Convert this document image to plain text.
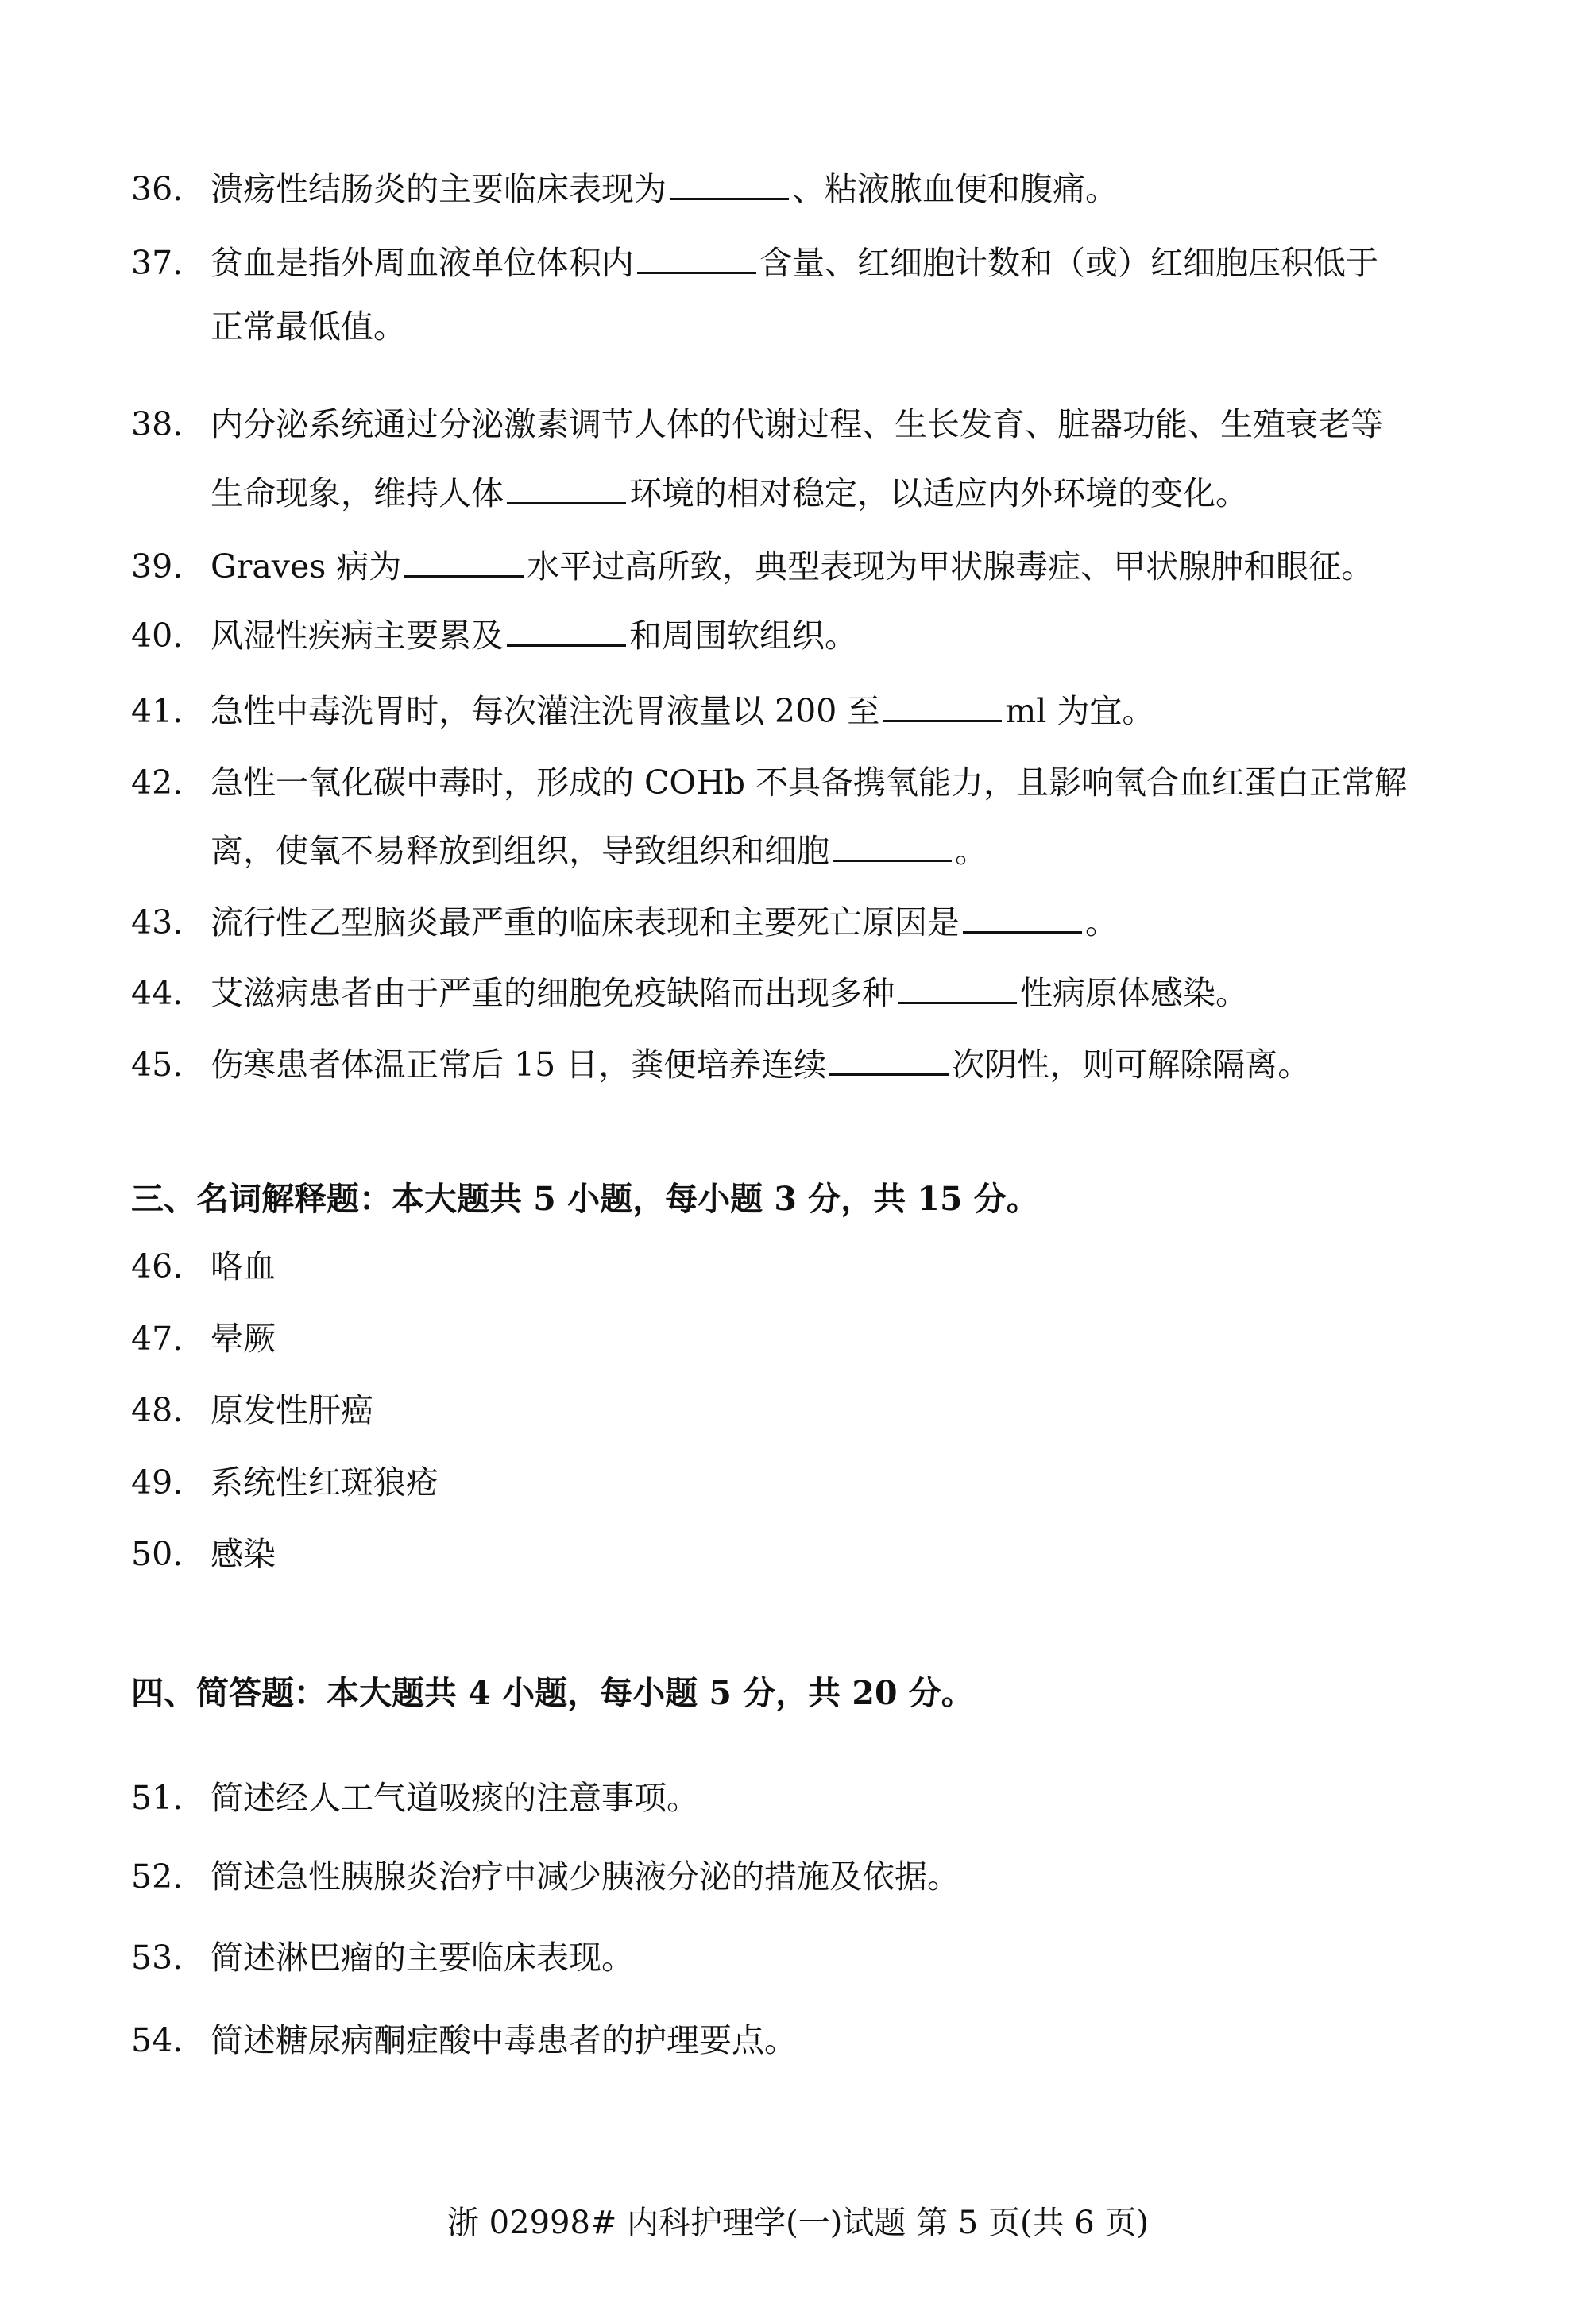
36. 溃疡性结肠炎的主要临床表现为	、粘液脓血便和腹痛。
37. 贫血是指外周血液单位体积内	含量、红细胞计数和（或）红细胞压积低于
正常最低值。
38. 内分泌系统通过分泌激素调节人体的代谢过程、生长发育、脏器功能、生殖衰老等
生命现象，维持人体	环境的相对稳定，以适应内外环境的变化。
39. Graves 病为	水平过高所致，典型表现为甲状腺毒症、甲状腺肿和眼征。
40. 风湿性疾病主要累及	和周围软组织。
41. 急性中毒洗胃时，每次灌注洗胃液量以 200 至	ml 为宜。
42. 急性一氧化碳中毒时，形成的 COHb 不具备携氧能力，且影响氧合血红蛋白正常解
离，使氧不易释放到组织，导致组织和细胞	。
43. 流行性乙型脑炎最严重的临床表现和主要死亡原因是	。
44. 艾滋病患者由于严重的细胞免疫缺陷而出现多种	性病原体感染。
45. 伤寒患者体温正常后 15 日，粪便培养连续	次阴性，则可解除隔离。
三、名词解释题：本大题共 5 小题，每小题 3 分，共 15 分。
46. 咯血
47. 晕厥
48. 原发性肝癌
49. 系统性红斑狼疮
50. 感染
四、简答题：本大题共 4 小题，每小题 5 分，共 20 分。
51. 简述经人工气道吸痰的注意事项。
52. 简述急性胰腺炎治疗中减少胰液分泌的措施及依据。
53. 简述淋巴瘤的主要临床表现。
54. 简述糖尿病酮症酸中毒患者的护理要点。
浙 02998# 内科护理学(一)试题 第 5 页(共 6 页)
